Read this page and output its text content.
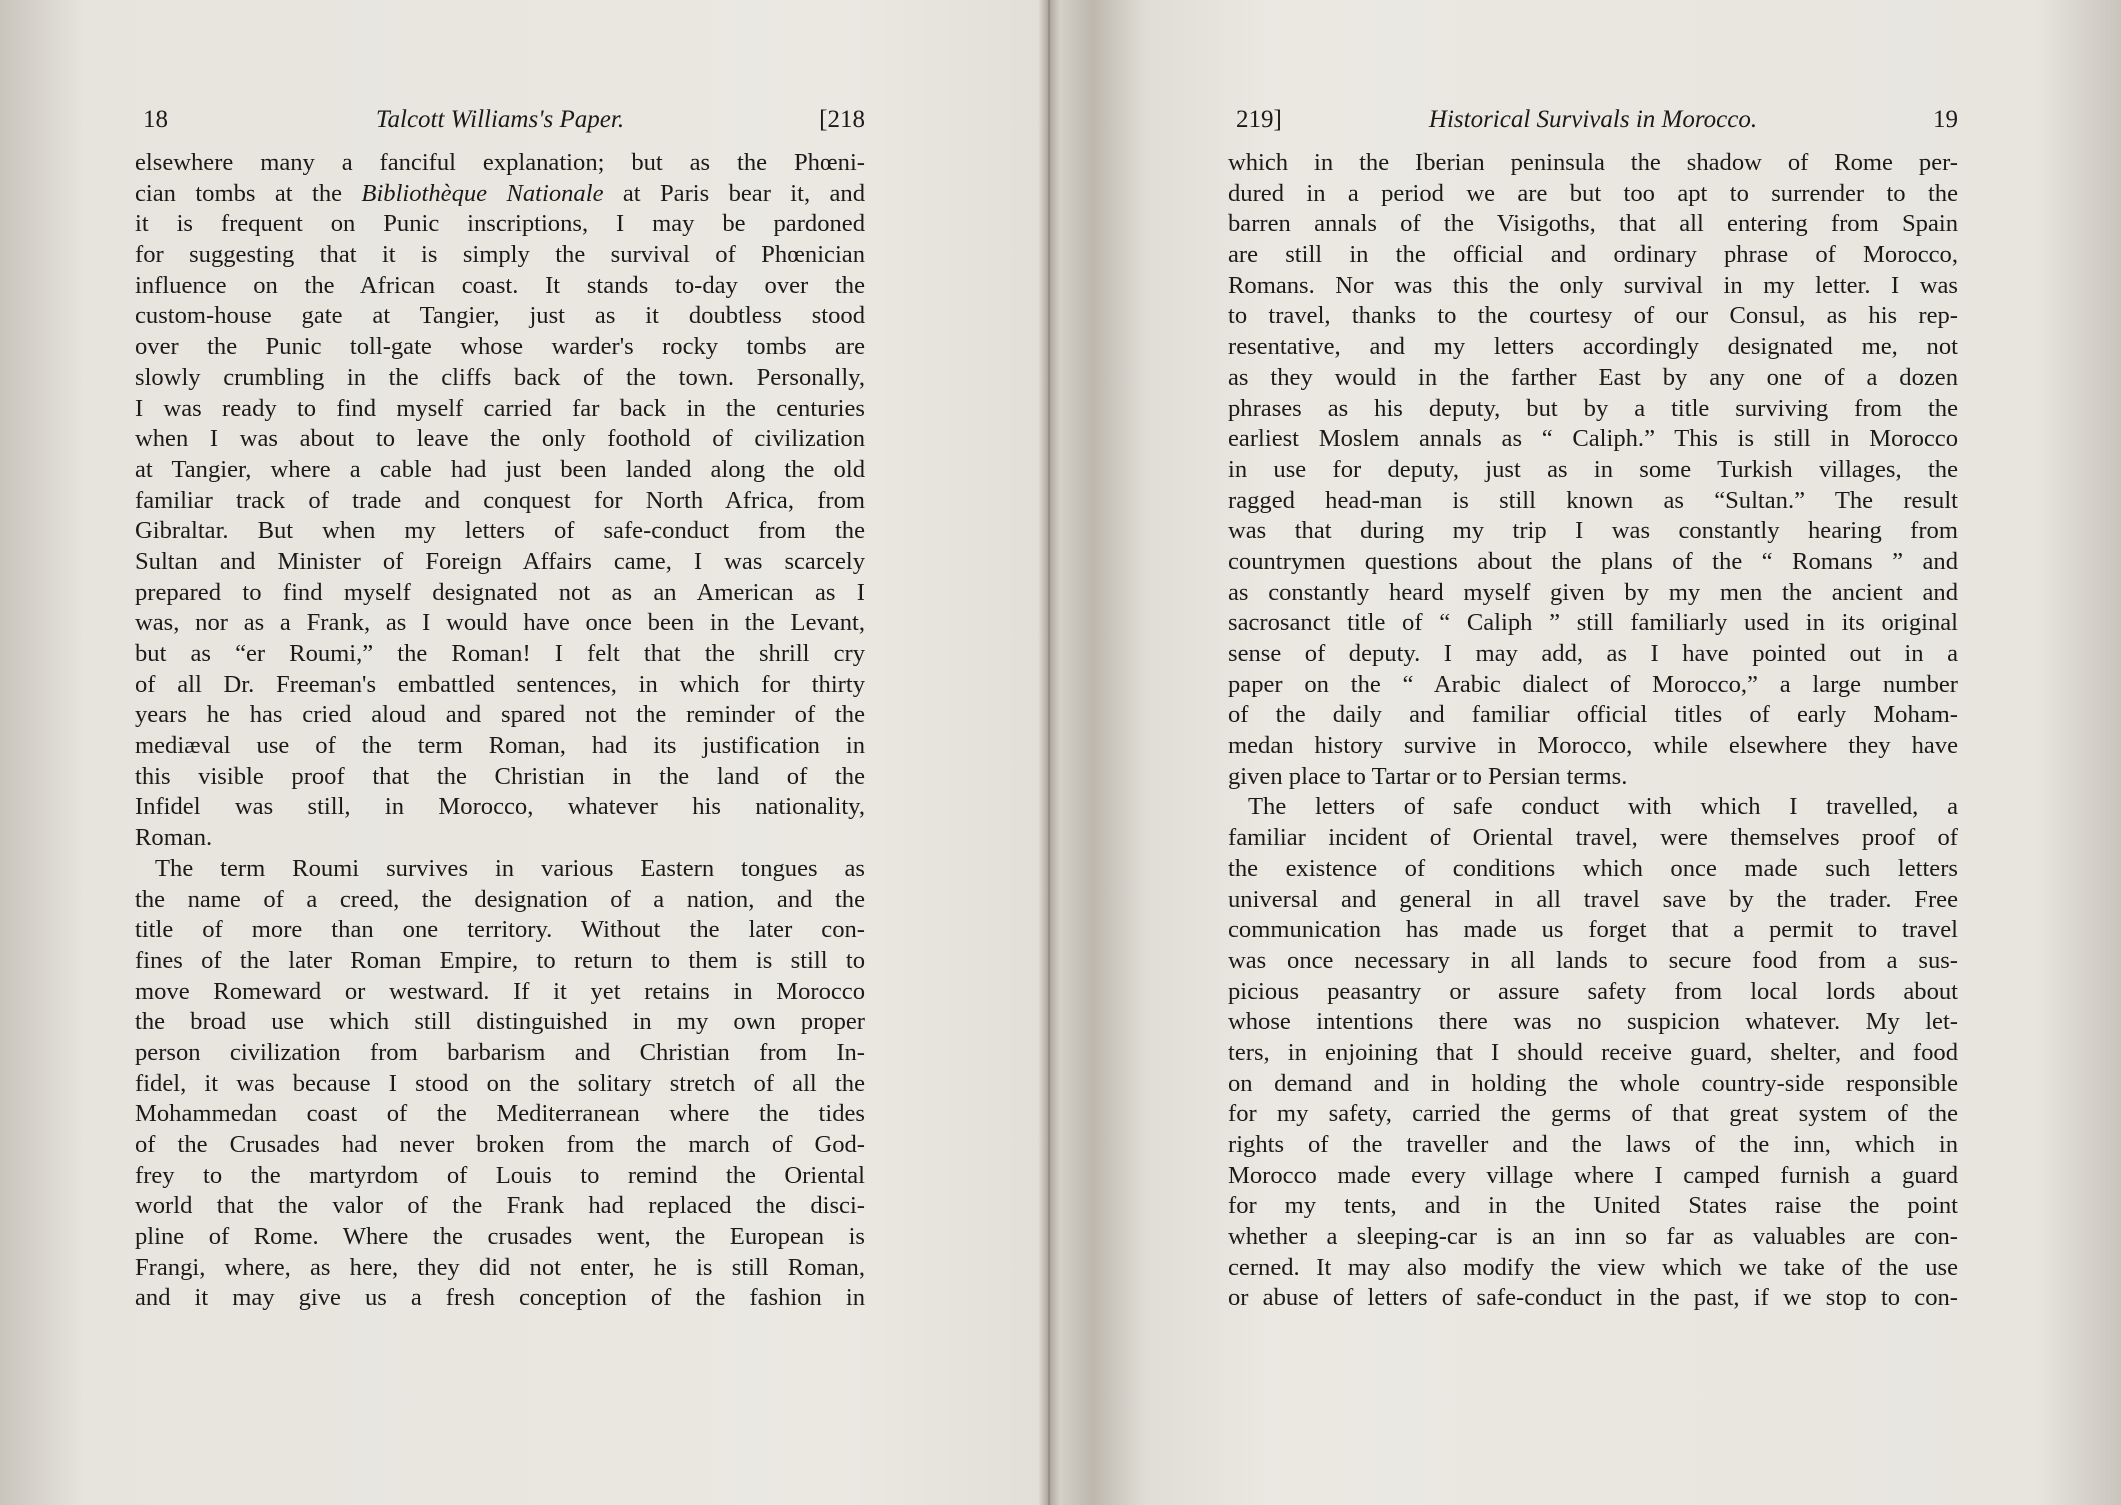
18	Talcott Williams's Paper.	[218
elsewhere many a fanciful explanation; but as the Phœni-
cian tombs at the Bibliothèque Nationale at Paris bear it, and
it is frequent on Punic inscriptions, I may be pardoned
for suggesting that it is simply the survival of Phœnician
influence on the African coast. It stands to-day over the
custom-house gate at Tangier, just as it doubtless stood
over the Punic toll-gate whose warder's rocky tombs are
slowly crumbling in the cliffs back of the town. Personally,
I was ready to find myself carried far back in the centuries
when I was about to leave the only foothold of civilization
at Tangier, where a cable had just been landed along the old
familiar track of trade and conquest for North Africa, from
Gibraltar. But when my letters of safe-conduct from the
Sultan and Minister of Foreign Affairs came, I was scarcely
prepared to find myself designated not as an American as I
was, nor as a Frank, as I would have once been in the Levant,
but as “er Roumi,” the Roman! I felt that the shrill cry
of all Dr. Freeman's embattled sentences, in which for thirty
years he has cried aloud and spared not the reminder of the
mediæval use of the term Roman, had its justification in
this visible proof that the Christian in the land of the
Infidel was still, in Morocco, whatever his nationality,
Roman.
The term Roumi survives in various Eastern tongues as
the name of a creed, the designation of a nation, and the
title of more than one territory. Without the later con-
fines of the later Roman Empire, to return to them is still to
move Romeward or westward. If it yet retains in Morocco
the broad use which still distinguished in my own proper
person civilization from barbarism and Christian from In-
fidel, it was because I stood on the solitary stretch of all the
Mohammedan coast of the Mediterranean where the tides
of the Crusades had never broken from the march of God-
frey to the martyrdom of Louis to remind the Oriental
world that the valor of the Frank had replaced the disci-
pline of Rome. Where the crusades went, the European is
Frangi, where, as here, they did not enter, he is still Roman,
and it may give us a fresh conception of the fashion in
219]	Historical Survivals in Morocco.	19
which in the Iberian peninsula the shadow of Rome per-
dured in a period we are but too apt to surrender to the
barren annals of the Visigoths, that all entering from Spain
are still in the official and ordinary phrase of Morocco,
Romans. Nor was this the only survival in my letter. I was
to travel, thanks to the courtesy of our Consul, as his rep-
resentative, and my letters accordingly designated me, not
as they would in the farther East by any one of a dozen
phrases as his deputy, but by a title surviving from the
earliest Moslem annals as “ Caliph.” This is still in Morocco
in use for deputy, just as in some Turkish villages, the
ragged head-man is still known as “Sultan.” The result
was that during my trip I was constantly hearing from
countrymen questions about the plans of the “ Romans ” and
as constantly heard myself given by my men the ancient and
sacrosanct title of “ Caliph ” still familiarly used in its original
sense of deputy. I may add, as I have pointed out in a
paper on the “ Arabic dialect of Morocco,” a large number
of the daily and familiar official titles of early Moham-
medan history survive in Morocco, while elsewhere they have
given place to Tartar or to Persian terms.
The letters of safe conduct with which I travelled, a
familiar incident of Oriental travel, were themselves proof of
the existence of conditions which once made such letters
universal and general in all travel save by the trader. Free
communication has made us forget that a permit to travel
was once necessary in all lands to secure food from a sus-
picious peasantry or assure safety from local lords about
whose intentions there was no suspicion whatever. My let-
ters, in enjoining that I should receive guard, shelter, and food
on demand and in holding the whole country-side responsible
for my safety, carried the germs of that great system of the
rights of the traveller and the laws of the inn, which in
Morocco made every village where I camped furnish a guard
for my tents, and in the United States raise the point
whether a sleeping-car is an inn so far as valuables are con-
cerned. It may also modify the view which we take of the use
or abuse of letters of safe-conduct in the past, if we stop to con-
